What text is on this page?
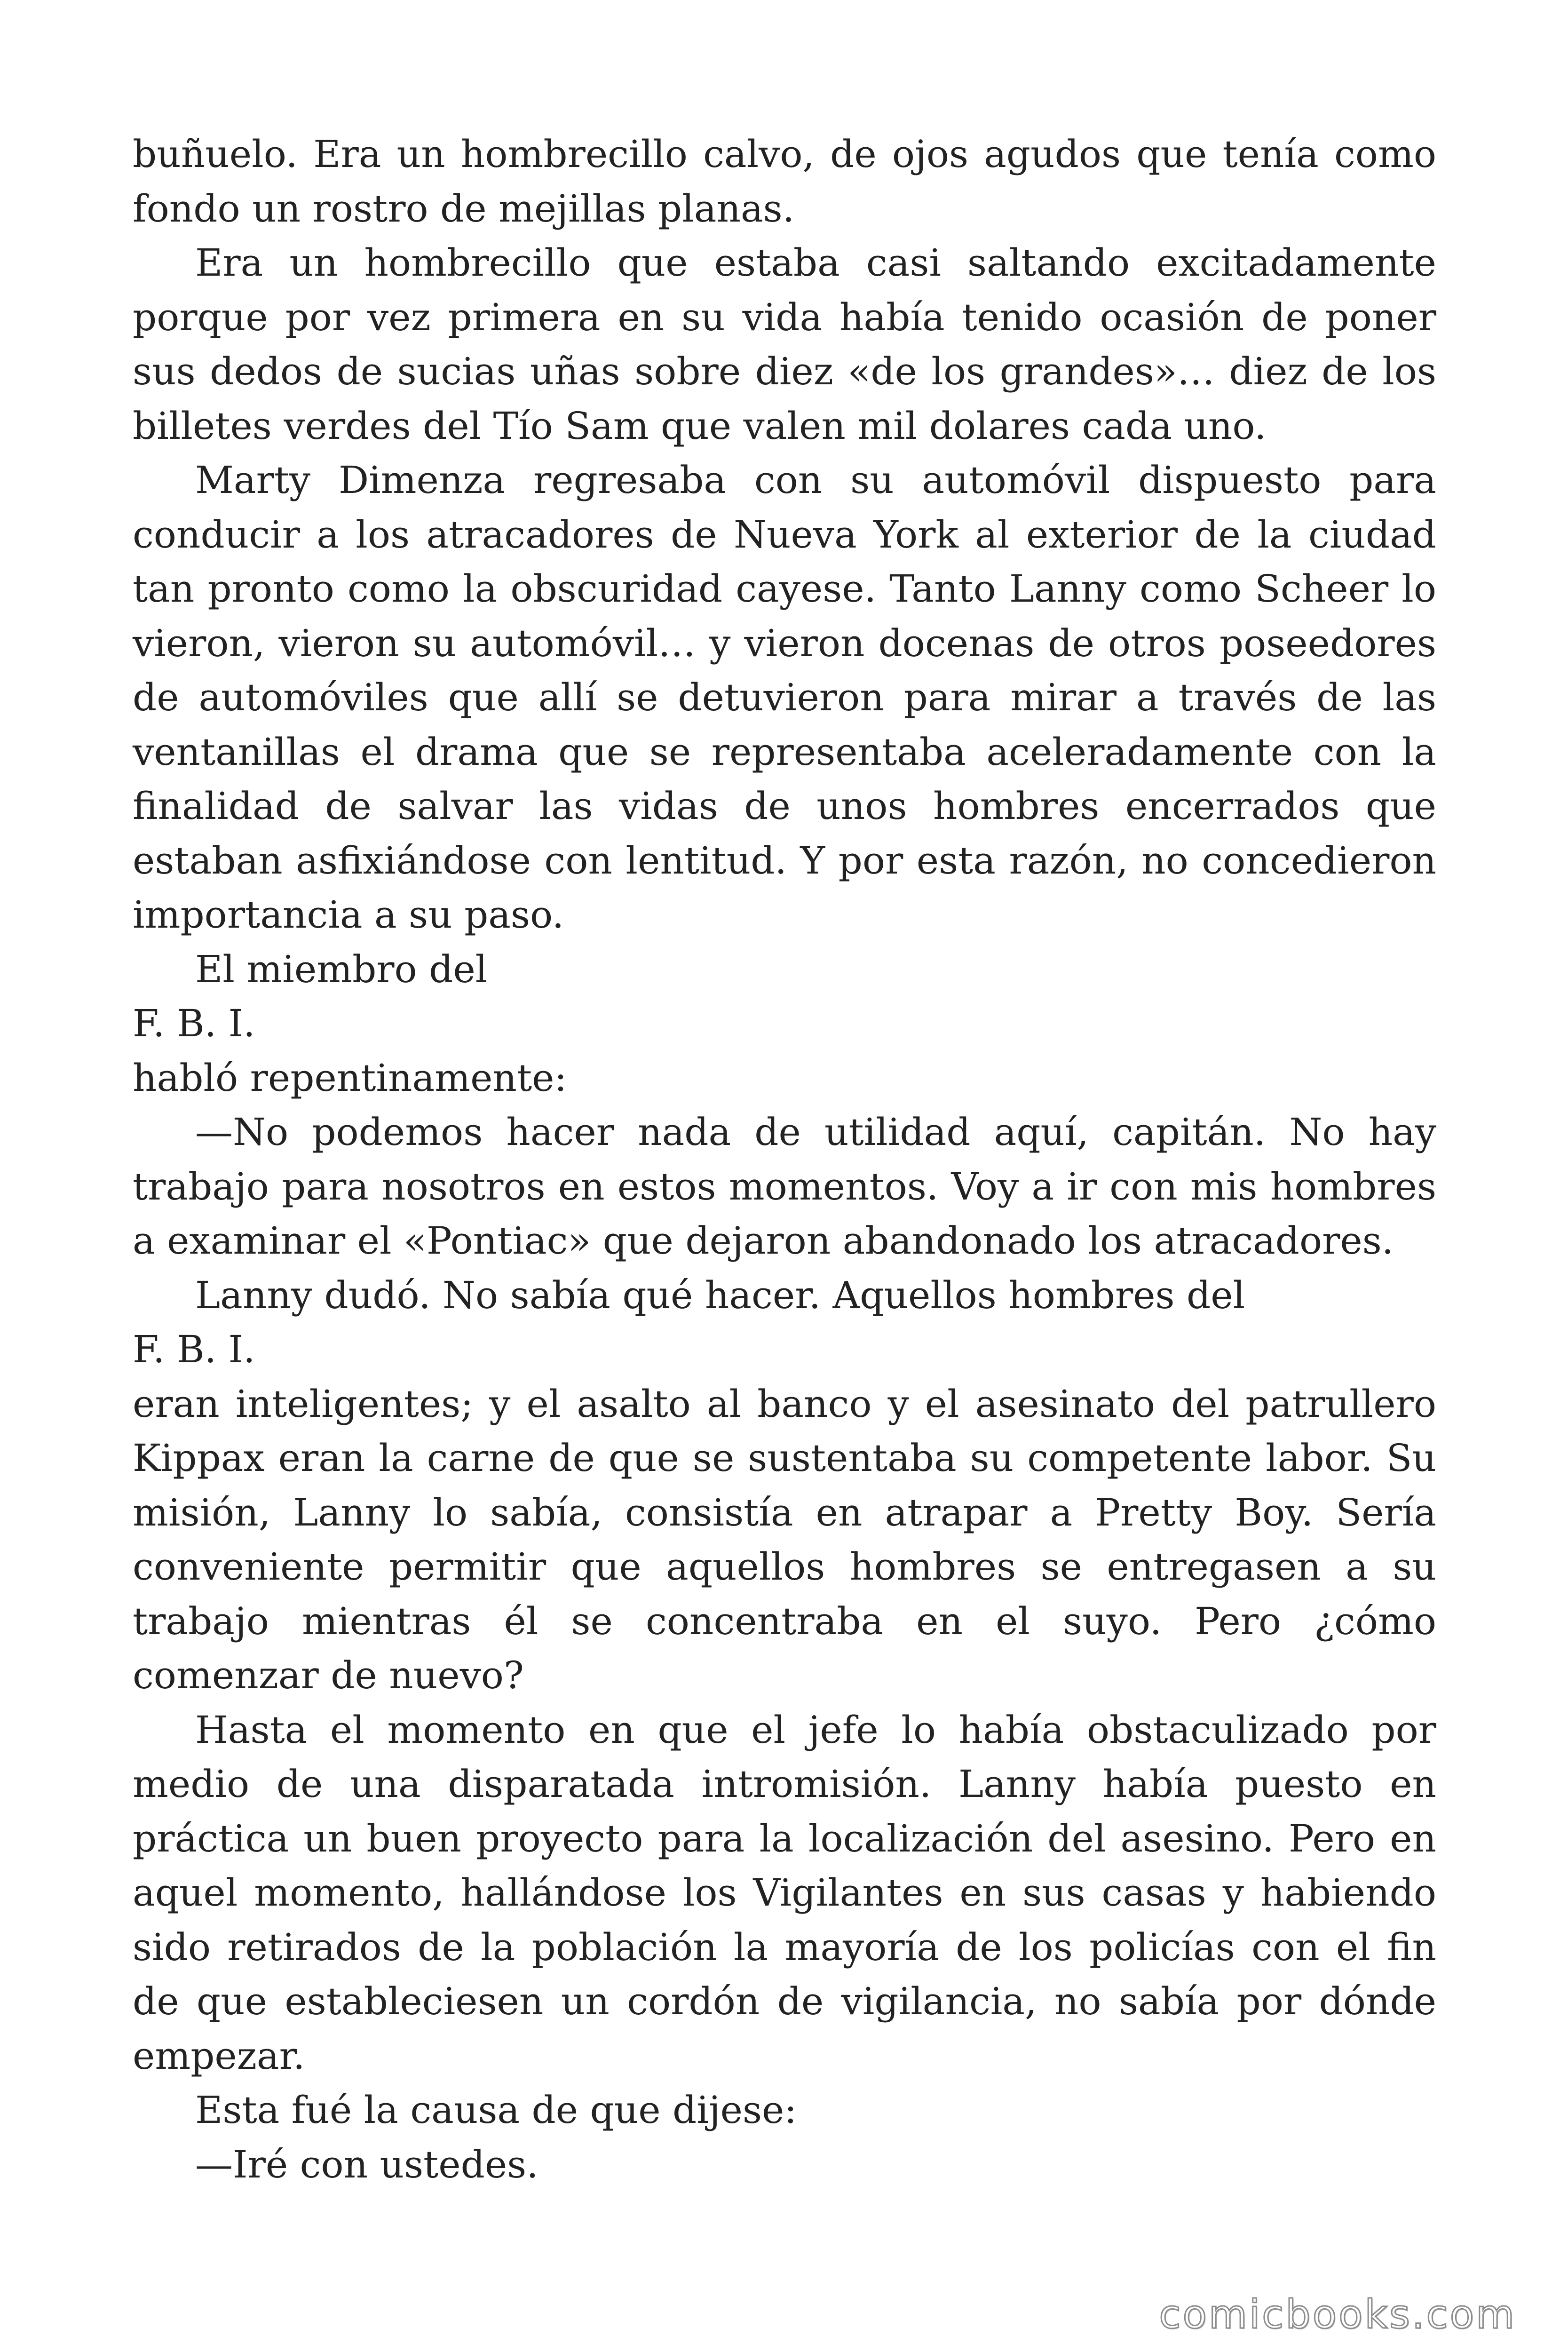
buñuelo. Era un hombrecillo calvo, de ojos agudos que tenía como fondo un rostro de mejillas planas.

Era un hombrecillo que estaba casi saltando excitadamente porque por vez primera en su vida había tenido ocasión de poner sus dedos de sucias uñas sobre diez «de los grandes»… diez de los billetes verdes del Tío Sam que valen mil dolares cada uno.

Marty Dimenza regresaba con su automóvil dispuesto para conducir a los atracadores de Nueva York al exterior de la ciudad tan pronto como la obscuridad cayese. Tanto Lanny como Scheer lo vieron, vieron su automóvil… y vieron docenas de otros poseedores de automóviles que allí se detuvieron para mirar a través de las ventanillas el drama que se representaba aceleradamente con la finalidad de salvar las vidas de unos hombres encerrados que estaban asfixiándose con lentitud. Y por esta razón, no concedieron importancia a su paso.

El miembro del

F. B. I.

habló repentinamente:

—No podemos hacer nada de utilidad aquí, capitán. No hay trabajo para nosotros en estos momentos. Voy a ir con mis hombres a examinar el «Pontiac» que dejaron abandonado los atracadores.

Lanny dudó. No sabía qué hacer. Aquellos hombres del

F. B. I.

eran inteligentes; y el asalto al banco y el asesinato del patrullero Kippax eran la carne de que se sustentaba su competente labor. Su misión, Lanny lo sabía, consistía en atrapar a Pretty Boy. Sería conveniente permitir que aquellos hombres se entregasen a su trabajo mientras él se concentraba en el suyo. Pero ¿cómo comenzar de nuevo?

Hasta el momento en que el jefe lo había obstaculizado por medio de una disparatada intromisión. Lanny había puesto en práctica un buen proyecto para la localización del asesino. Pero en aquel momento, hallándose los Vigilantes en sus casas y habiendo sido retirados de la población la mayoría de los policías con el fin de que estableciesen un cordón de vigilancia, no sabía por dónde empezar.

Esta fué la causa de que dijese:

—Iré con ustedes.

comicbooks.com
